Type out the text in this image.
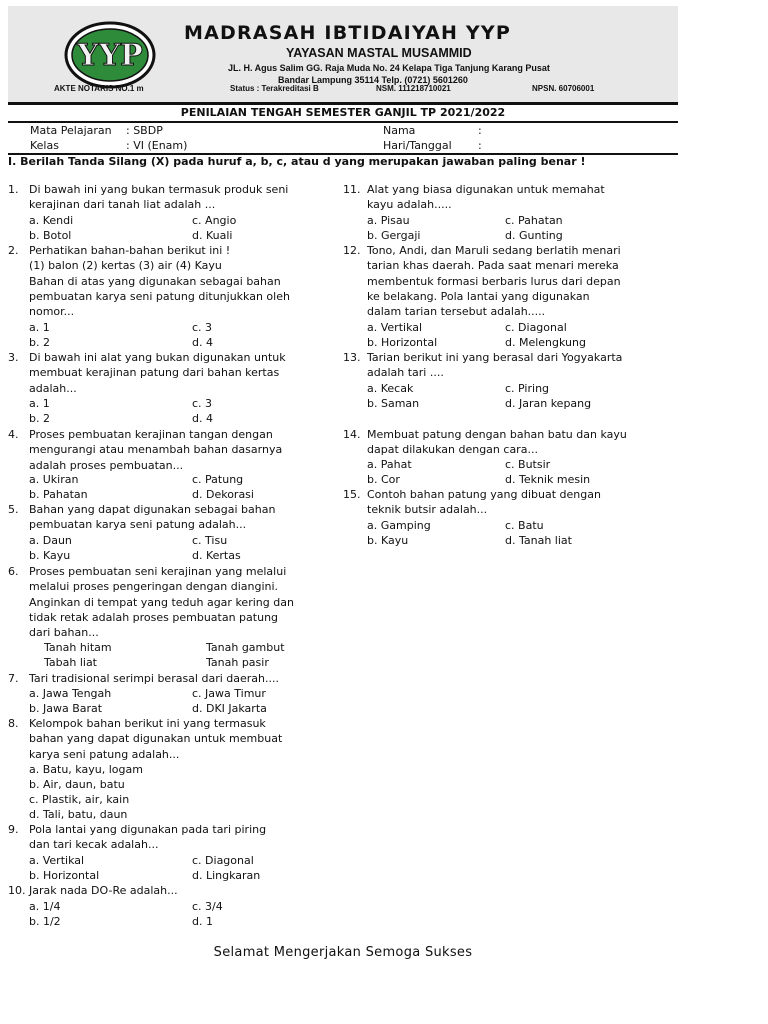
YYP
MADRASAH IBTIDAIYAH YYP
YAYASAN MASTAL MUSAMMID
JL. H. Agus Salim GG. Raja Muda No. 24 Kelapa Tiga Tanjung Karang Pusat
Bandar Lampung 35114 Telp. (0721) 5601260
AKTE NOTARIS NO.1 m	Status : Terakreditasi B	NSM. 111218710021	NPSN. 60706001
PENILAIAN TENGAH SEMESTER GANJIL TP 2021/2022
Mata Pelajaran : SBDP
Kelas	: VI (Enam)
Nama	:
Hari/Tanggal :
I. Berilah Tanda Silang (X) pada huruf a, b, c, atau d yang merupakan jawaban paling benar !
1. Di bawah ini yang bukan termasuk produk seni
kerajinan dari tanah liat adalah ...
a. Kendi	c. Angio
b. Botol	d. Kuali
2. Perhatikan bahan-bahan berikut ini !
(1) balon (2) kertas (3) air (4) Kayu
Bahan di atas yang digunakan sebagai bahan
pembuatan karya seni patung ditunjukkan oleh
nomor...
a. 1	c. 3
b. 2	d. 4
3. Di bawah ini alat yang bukan digunakan untuk
membuat kerajinan patung dari bahan kertas
adalah...
a. 1	c. 3
b. 2	d. 4
4. Proses pembuatan kerajinan tangan dengan
mengurangi atau menambah bahan dasarnya
adalah proses pembuatan...
a. Ukiran	c. Patung
b. Pahatan	d. Dekorasi
5. Bahan yang dapat digunakan sebagai bahan
pembuatan karya seni patung adalah...
a. Daun	c. Tisu
b. Kayu	d. Kertas
6. Proses pembuatan seni kerajinan yang melalui
melalui proses pengeringan dengan diangini.
Anginkan di tempat yang teduh agar kering dan
tidak retak adalah proses pembuatan patung
dari bahan...
Tanah hitam	Tanah gambut
Tabah liat	Tanah pasir
7. Tari tradisional serimpi berasal dari daerah....
a. Jawa Tengah	c. Jawa Timur
b. Jawa Barat	d. DKI Jakarta
8. Kelompok bahan berikut ini yang termasuk
bahan yang dapat digunakan untuk membuat
karya seni patung adalah...
a. Batu, kayu, logam
b. Air, daun, batu
c. Plastik, air, kain
d. Tali, batu, daun
9. Pola lantai yang digunakan pada tari piring
dan tari kecak adalah...
a. Vertikal	c. Diagonal
b. Horizontal	d. Lingkaran
10. Jarak nada DO-Re adalah...
a. 1/4	c. 3/4
b. 1/2	d. 1
11. Alat yang biasa digunakan untuk memahat
kayu adalah.....
a. Pisau	c. Pahatan
b. Gergaji	d. Gunting
12. Tono, Andi, dan Maruli sedang berlatih menari
tarian khas daerah. Pada saat menari mereka
membentuk formasi berbaris lurus dari depan
ke belakang. Pola lantai yang digunakan
dalam tarian tersebut adalah.....
a. Vertikal	c. Diagonal
b. Horizontal	d. Melengkung
13. Tarian berikut ini yang berasal dari Yogyakarta
adalah tari ....
a. Kecak	c. Piring
b. Saman	d. Jaran kepang
14. Membuat patung dengan bahan batu dan kayu
dapat dilakukan dengan cara...
a. Pahat	c. Butsir
b. Cor	d. Teknik mesin
15. Contoh bahan patung yang dibuat dengan
teknik butsir adalah...
a. Gamping	c. Batu
b. Kayu	d. Tanah liat
Selamat Mengerjakan Semoga Sukses
